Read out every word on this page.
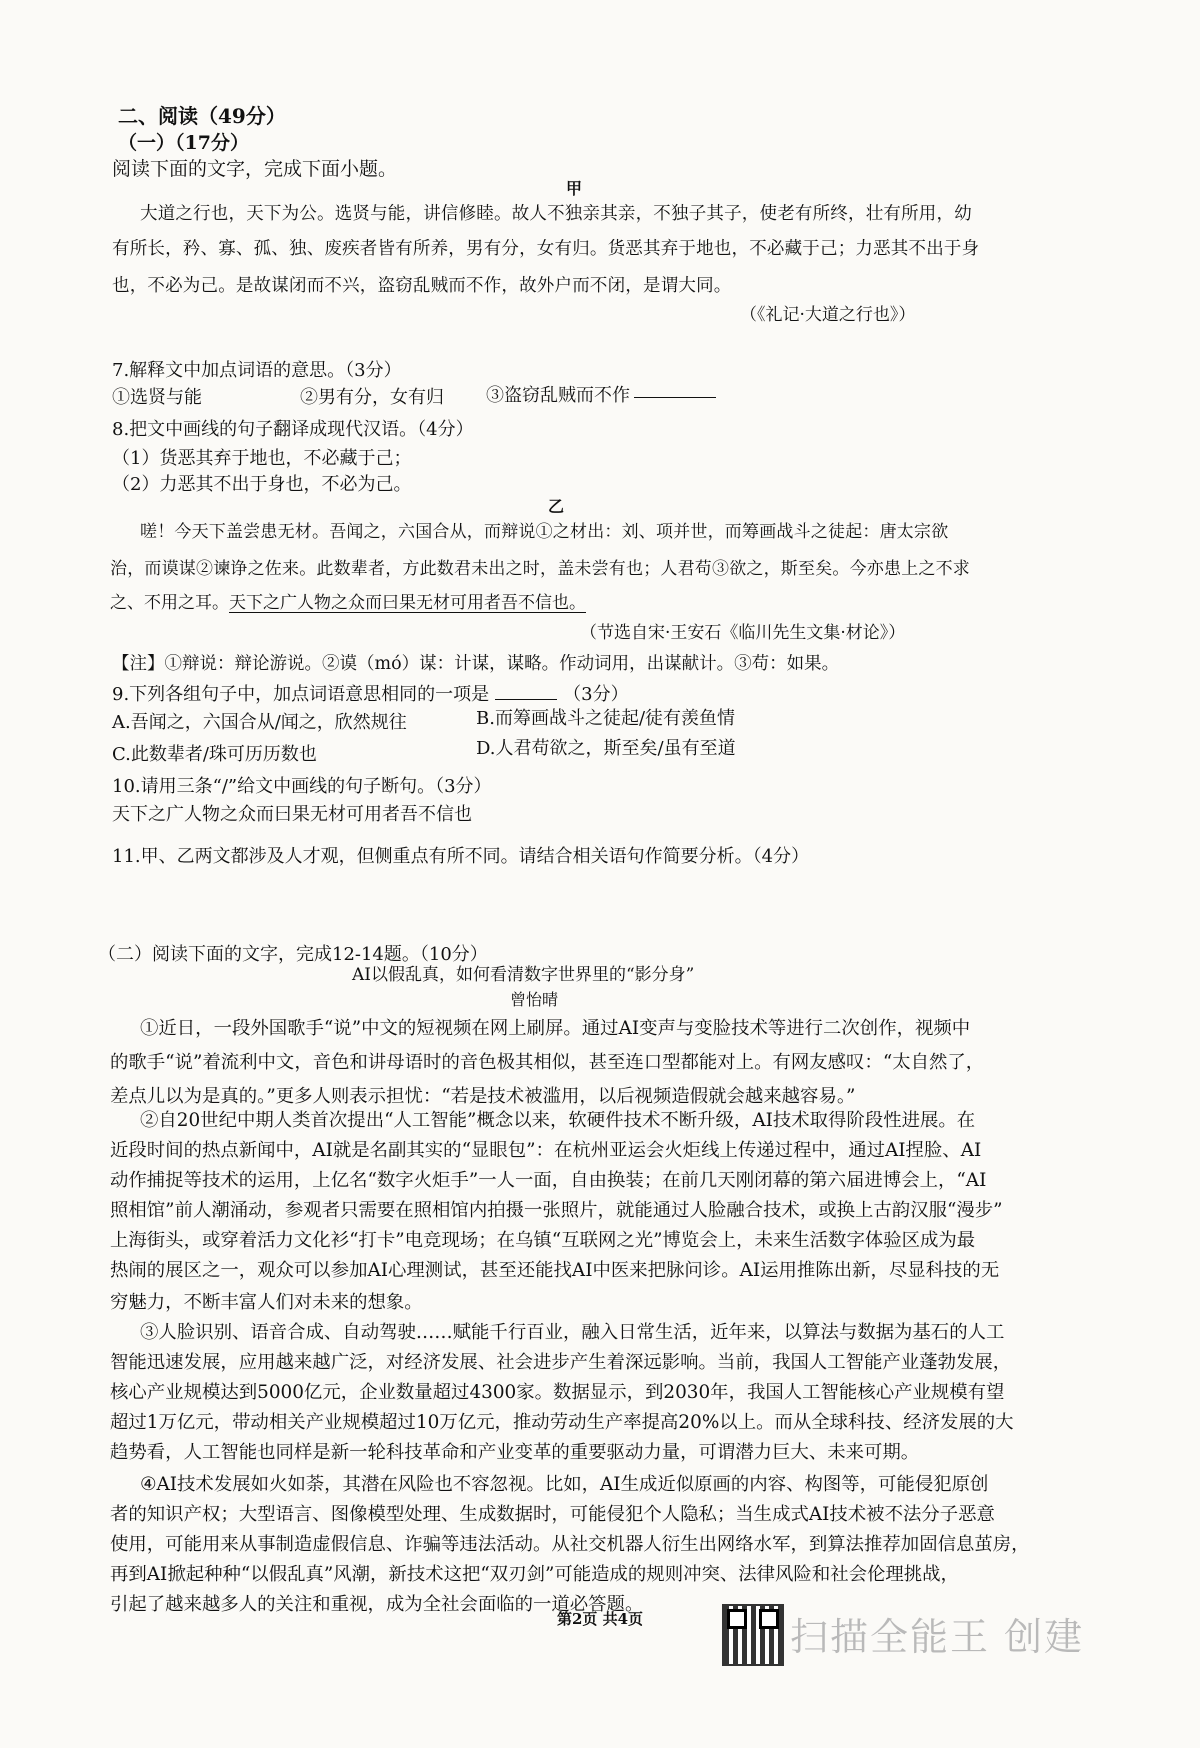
二、阅读（49分）
（一）（17分）
阅读下面的文字，完成下面小题。
甲
大道之行也，天下为公。选贤与能，讲信修睦。故人不独亲其亲，不独子其子，使老有所终，壮有所用，幼
有所长，矜、寡、孤、独、废疾者皆有所养，男有分，女有归。货恶其弃于地也，不必藏于己；力恶其不出于身
也，不必为己。是故谋闭而不兴，盗窃乱贼而不作，故外户而不闭，是谓大同。
（《礼记·大道之行也》）
7.解释文中加点词语的意思。（3分）
①选贤与能	②男有分，女有归 ③盗窃乱贼而不作
8.把文中画线的句子翻译成现代汉语。（4分）
（1）货恶其弃于地也，不必藏于己；
（2）力恶其不出于身也，不必为己。
乙
嗟！今天下盖尝患无材。吾闻之，六国合从，而辩说①之材出：刘、项并世，而筹画战斗之徒起：唐太宗欲
治，而谟谋②谏诤之佐来。此数辈者，方此数君未出之时，盖未尝有也；人君苟③欲之，斯至矣。今亦患上之不求
之、不用之耳。天下之广人物之众而曰果无材可用者吾不信也。
（节选自宋·王安石《临川先生文集·材论》）
【注】①辩说：辩论游说。②谟（mó）谋：计谋，谋略。作动词用，出谋献计。③苟：如果。
9.下列各组句子中，加点词语意思相同的一项是	（3分）
A.吾闻之，六国合从/闻之，欣然规往	B.而筹画战斗之徒起/徒有羡鱼情
C.此数辈者/珠可历历数也	D.人君苟欲之，斯至矣/虽有至道
10.请用三条“/”给文中画线的句子断句。（3分）
天下之广人物之众而曰果无材可用者吾不信也
11.甲、乙两文都涉及人才观，但侧重点有所不同。请结合相关语句作简要分析。（4分）
（二）阅读下面的文字，完成12-14题。（10分）
AI以假乱真，如何看清数字世界里的“影分身”
曾怡晴
①近日，一段外国歌手“说”中文的短视频在网上刷屏。通过AI变声与变脸技术等进行二次创作，视频中
的歌手“说”着流利中文，音色和讲母语时的音色极其相似，甚至连口型都能对上。有网友感叹：“太自然了，
差点儿以为是真的。”更多人则表示担忧：“若是技术被滥用，以后视频造假就会越来越容易。”
②自20世纪中期人类首次提出“人工智能”概念以来，软硬件技术不断升级，AI技术取得阶段性进展。在
近段时间的热点新闻中，AI就是名副其实的“显眼包”：在杭州亚运会火炬线上传递过程中，通过AI捏脸、AI
动作捕捉等技术的运用，上亿名“数字火炬手”一人一面，自由换装；在前几天刚闭幕的第六届进博会上，“AI
照相馆”前人潮涌动，参观者只需要在照相馆内拍摄一张照片，就能通过人脸融合技术，或换上古韵汉服“漫步”
上海街头，或穿着活力文化衫“打卡”电竞现场；在乌镇“互联网之光”博览会上，未来生活数字体验区成为最
热闹的展区之一，观众可以参加AI心理测试，甚至还能找AI中医来把脉问诊。AI运用推陈出新，尽显科技的无
穷魅力，不断丰富人们对未来的想象。
③人脸识别、语音合成、自动驾驶……赋能千行百业，融入日常生活，近年来，以算法与数据为基石的人工
智能迅速发展，应用越来越广泛，对经济发展、社会进步产生着深远影响。当前，我国人工智能产业蓬勃发展，
核心产业规模达到5000亿元，企业数量超过4300家。数据显示，到2030年，我国人工智能核心产业规模有望
超过1万亿元，带动相关产业规模超过10万亿元，推动劳动生产率提高20%以上。而从全球科技、经济发展的大
趋势看，人工智能也同样是新一轮科技革命和产业变革的重要驱动力量，可谓潜力巨大、未来可期。
④AI技术发展如火如荼，其潜在风险也不容忽视。比如，AI生成近似原画的内容、构图等，可能侵犯原创
者的知识产权；大型语言、图像模型处理、生成数据时，可能侵犯个人隐私；当生成式AI技术被不法分子恶意
使用，可能用来从事制造虚假信息、诈骗等违法活动。从社交机器人衍生出网络水军，到算法推荐加固信息茧房，
再到AI掀起种种“以假乱真”风潮，新技术这把“双刃剑”可能造成的规则冲突、法律风险和社会伦理挑战，
引起了越来越多人的关注和重视，成为全社会面临的一道必答题。
第2页 共4页	扫描全能王 创建
